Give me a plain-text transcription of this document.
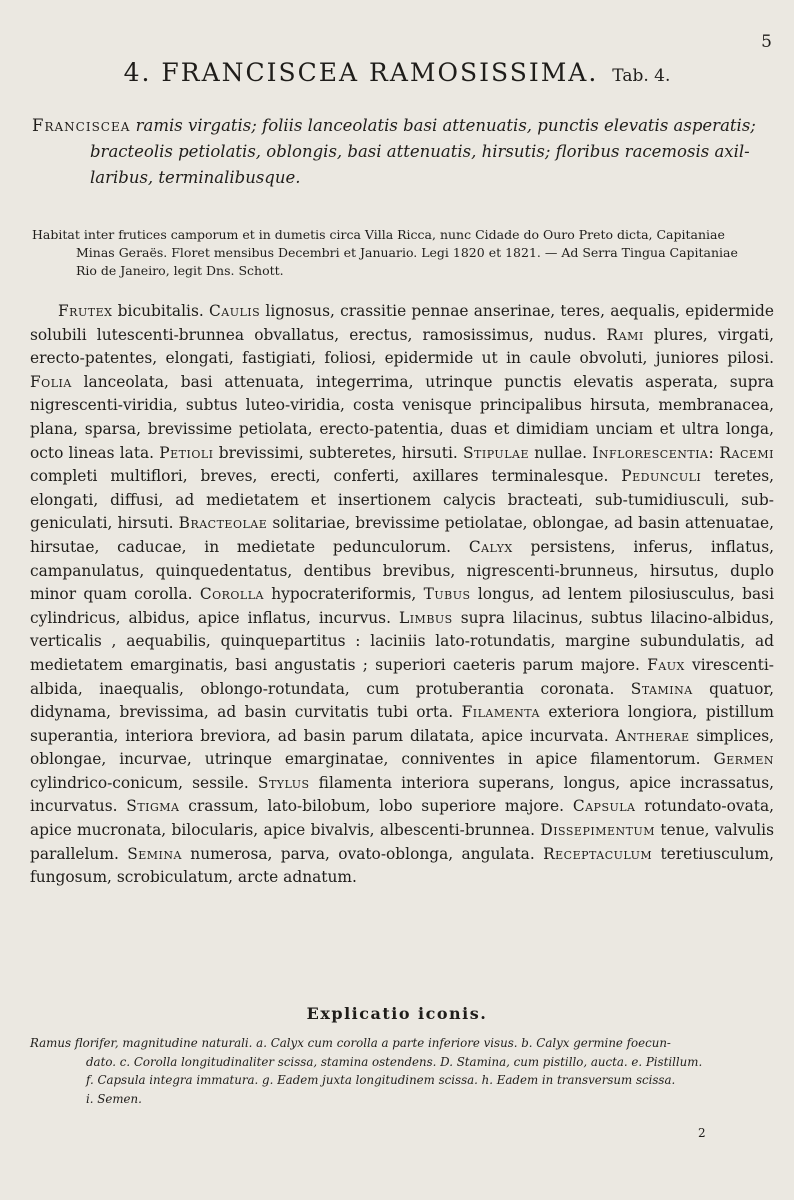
5
4. FRANCISCEA RAMOSISSIMA. Tab. 4.

Franciscea ramis virgatis; foliis lanceolatis basi attenuatis, punctis elevatis asperatis;
bracteolis petiolatis, oblongis, basi attenuatis, hirsutis; floribus racemosis axil-
laribus, terminalibusque.

Habitat inter frutices camporum et in dumetis circa Villa Ricca, nunc Cidade do Ouro Preto dicta, Capitaniae
Minas Geraës. Floret mensibus Decembri et Januario. Legi 1820 et 1821. — Ad Serra Tingua Capitaniae
Rio de Janeiro, legit Dns. Schott.

Frutex bicubitalis. Caulis lignosus, crassitie pennae anserinae, teres, aequalis, epidermide solubili lutescenti-brunnea obvallatus, erectus, ramosissimus, nudus. Rami plures, virgati, erecto-patentes, elongati, fastigiati, foliosi, epidermide ut in caule obvoluti, juniores pilosi. Folia lanceolata, basi attenuata, integerrima, utrinque punctis elevatis asperata, supra nigrescenti-viridia, subtus luteo-viridia, costa venisque principalibus hirsuta, membranacea, plana, sparsa, brevissime petiolata, erecto-patentia, duas et dimidiam unciam et ultra longa, octo lineas lata. Petioli brevissimi, subteretes, hirsuti. Stipulae nullae. Inflorescentia: Racemi completi multiflori, breves, erecti, conferti, axillares terminalesque. Pedunculi teretes, elongati, diffusi, ad medietatem et insertionem calycis bracteati, sub-tumidiusculi, sub-geniculati, hirsuti. Bracteolae solitariae, brevissime petiolatae, oblongae, ad basin attenuatae, hirsutae, caducae, in medietate pedunculorum. Calyx persistens, inferus, inflatus, campanulatus, quinquedentatus, dentibus brevibus, nigrescenti-brunneus, hirsutus, duplo minor quam corolla. Corolla hypocrateriformis, Tubus longus, ad lentem pilosiusculus, basi cylindricus, albidus, apice inflatus, incurvus. Limbus supra lilacinus, subtus lilacino-albidus, verticalis , aequabilis, quinquepartitus : laciniis lato-rotundatis, margine subundulatis, ad medietatem emarginatis, basi angustatis ; superiori caeteris parum majore. Faux virescenti-albida, inaequalis, oblongo-rotundata, cum protuberantia coronata. Stamina quatuor, didynama, brevissima, ad basin curvitatis tubi orta. Filamenta exteriora longiora, pistillum superantia, interiora breviora, ad basin parum dilatata, apice incurvata. Antherae simplices, oblongae, incurvae, utrinque emarginatae, conniventes in apice filamentorum. Germen cylindrico-conicum, sessile. Stylus filamenta interiora superans, longus, apice incrassatus, incurvatus. Stigma crassum, lato-bilobum, lobo superiore majore. Capsula rotundato-ovata, apice mucronata, bilocularis, apice bivalvis, albescenti-brunnea. Dissepimentum tenue, valvulis parallelum. Semina numerosa, parva, ovato-oblonga, angulata. Receptaculum teretiusculum, fungosum, scrobiculatum, arcte adnatum.

Explicatio iconis.

Ramus florifer, magnitudine naturali. a. Calyx cum corolla a parte inferiore visus. b. Calyx germine foecun-
dato. c. Corolla longitudinaliter scissa, stamina ostendens. D. Stamina, cum pistillo, aucta. e. Pistillum.
f. Capsula integra immatura. g. Eadem juxta longitudinem scissa. h. Eadem in transversum scissa.
i. Semen.

2
